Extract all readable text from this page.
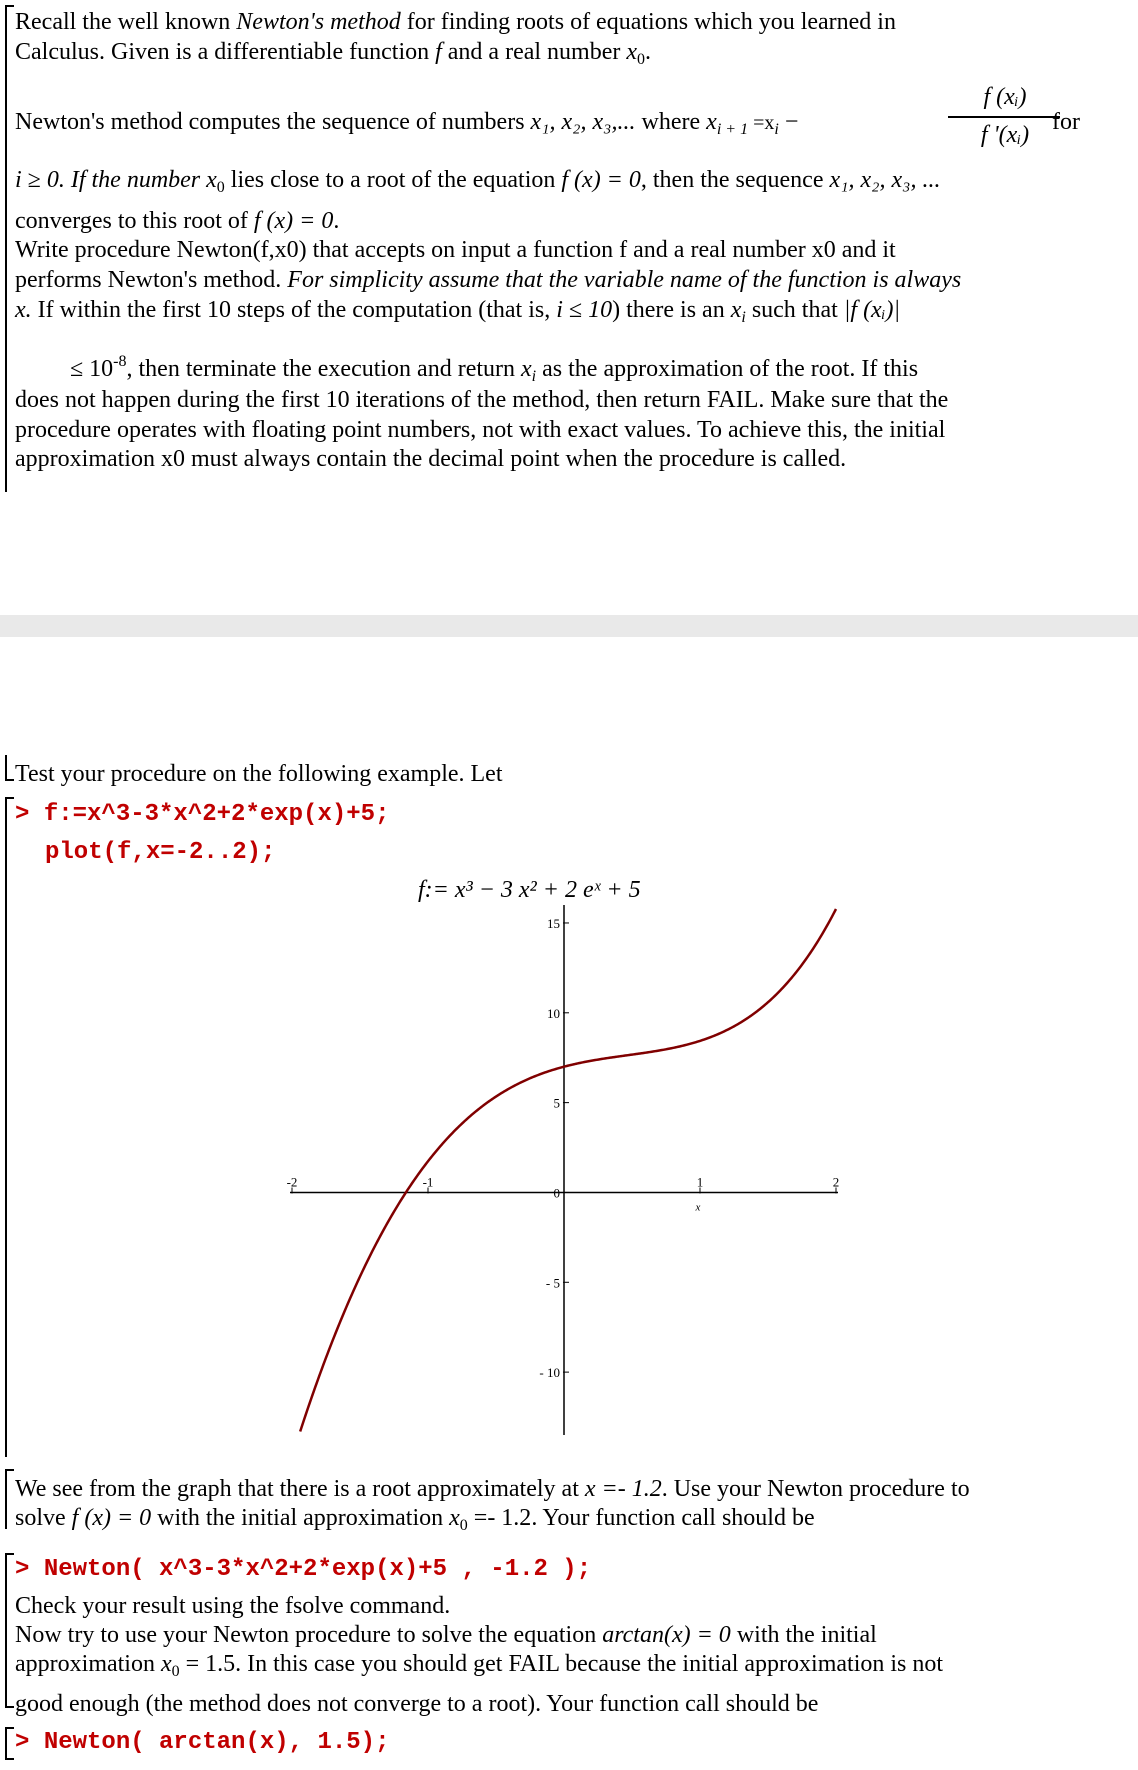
Recall the well known Newton's method for finding roots of equations which you learned in
Calculus. Given is a differentiable function f and a real number $x_0$.
Newton's method computes the sequence of numbers x₁, x₂, x₃,... where $x_{i + 1} =x_i$ −
f (xᵢ)
f '(xᵢ) for
i ≥ 0. If the number $x_0$ lies close to a root of the equation f (x) = 0, then the sequence x₁, x₂, x₃, ...
converges to this root of f (x) = 0.
Write procedure Newton(f,x0) that accepts on input a function f and a real number x0 and it
performs Newton's method. For simplicity assume that the variable name of the function is always
x. If within the first 10 steps of the computation (that is, i ≤ 10) there is an $x_i$ such that |f (xᵢ)|
≤ $10^{-8}$, then terminate the execution and return $x_i$ as the approximation of the root. If this
does not happen during the first 10 iterations of the method, then return FAIL. Make sure that the
procedure operates with floating point numbers, not with exact values. To achieve this, the initial
approximation x0 must always contain the decimal point when the procedure is called.
Test your procedure on the following example. Let
> f:=x^3-3*x^2+2*exp(x)+5;
plot(f,x=-2..2);
f:= x³ − 3 x² + 2 eˣ + 5
-2	-1	1	2
- 10
- 5
0
5
10
15
x
We see from the graph that there is a root approximately at x =- 1.2. Use your Newton procedure to
solve f (x) = 0 with the initial approximation $x_0 =- 1.2$. Your function call should be
> Newton( x^3-3*x^2+2*exp(x)+5 , -1.2 );
Check your result using the fsolve command.
Now try to use your Newton procedure to solve the equation arctan(x) = 0 with the initial
approximation $x_0 = 1.5$. In this case you should get FAIL because the initial approximation is not
good enough (the method does not converge to a root). Your function call should be
> Newton( arctan(x), 1.5);
